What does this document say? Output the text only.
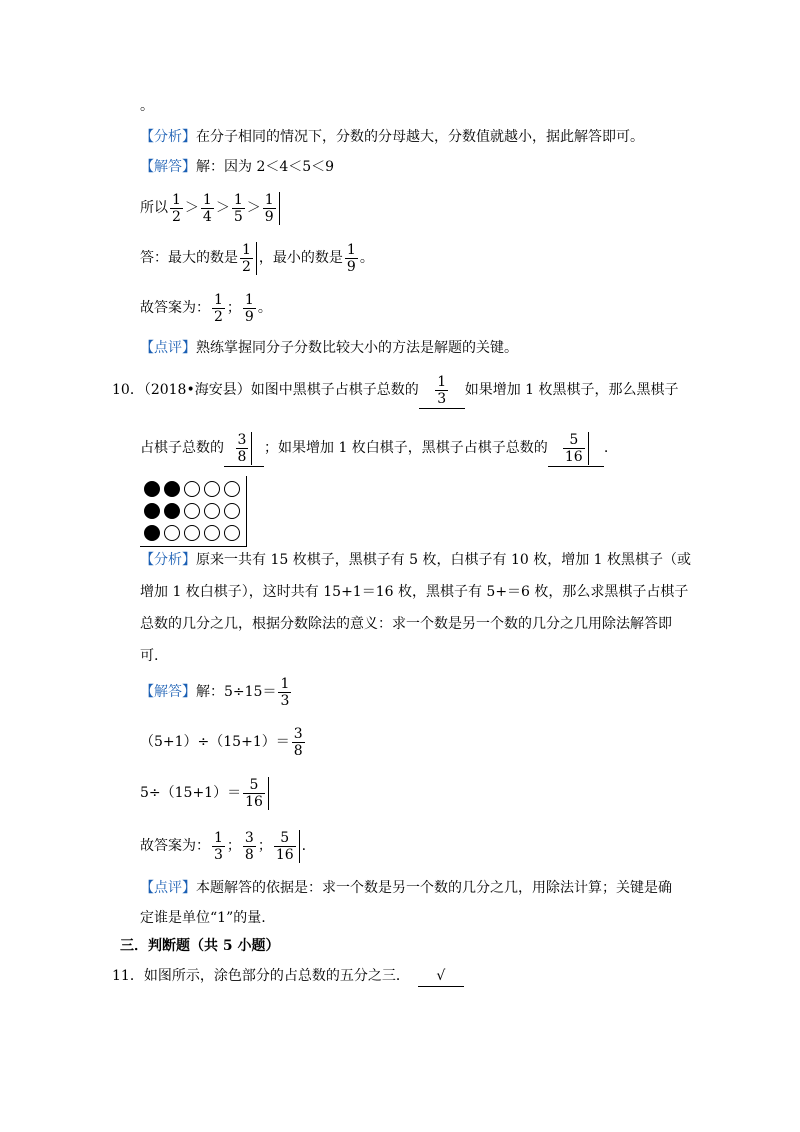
。
【分析】在分子相同的情况下，分数的分母越大，分数值就越小，据此解答即可。
【解答】解：因为 2＜4＜5＜9
所以 $\frac{1}{2} > \frac{1}{4} > \frac{1}{5} > \frac{1}{9}$
答：最大的数是 $\frac{1}{2}$ ，最小的数是 $\frac{1}{9}$ 。
故答案为： $\frac{1}{2}$ ； $\frac{1}{9}$ 。
【点评】熟练掌握同分子分数比较大小的方法是解题的关键。
10．（2018•海安县）如图中黑棋子占棋子总数的 $\frac{1}{3}$ 如果增加 1 枚黑棋子，那么黑棋子
占棋子总数的 $\frac{3}{8}$ ；如果增加 1 枚白棋子，黑棋子占棋子总数的 $\frac{5}{16}$ .
【分析】原来一共有 15 枚棋子，黑棋子有 5 枚，白棋子有 10 枚，增加 1 枚黑棋子（或
增加 1 枚白棋子），这时共有 15+1＝16 枚，黑棋子有 5+＝6 枚，那么求黑棋子占棋子
总数的几分之几，根据分数除法的意义：求一个数是另一个数的几分之几用除法解答即
可.
【解答】解：$5\div 15= \frac{1}{3}$
$(5+1)\div(15+1)= \frac{3}{8}$
$5\div(15+1)= \frac{5}{16}$
故答案为： $\frac{1}{3}$ ； $\frac{3}{8}$ ； $\frac{5}{16}$ .
【点评】本题解答的依据是：求一个数是另一个数的几分之几，用除法计算；关键是确
定谁是单位“1”的量.
三．判断题（共 5 小题）
11．如图所示，涂色部分的占总数的五分之三． √
